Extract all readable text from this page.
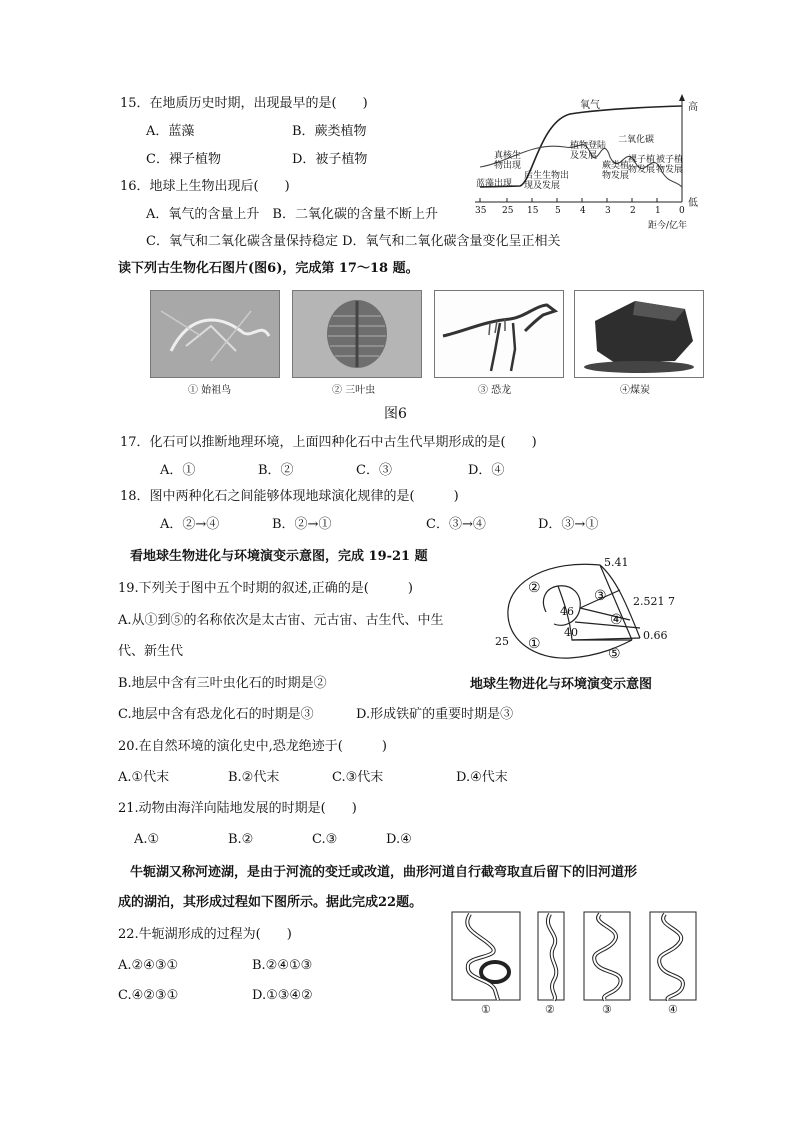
15．在地质历史时期，出现最早的是(　　)
A．蓝藻	B．蕨类植物
C．裸子植物	D．被子植物
16．地球上生物出现后(　　)
A．氧气的含量上升　B．二氧化碳的含量不断上升
C．氧气和二氧化碳含量保持稳定 D．氧气和二氧化碳含量变化呈正相关
氧气	高
低
二氧化碳
蓝藻出现
真核生
物出现
后生生物出
现及发展
植物登陆
及发展
蕨类植
物发展
裸子植
物发展
被子植
物发展
35 25 15 5 4 3 2 1 0
距今/亿年
读下列古生物化石图片(图6)，完成第 17～18 题。
① 始祖鸟	② 三叶虫	③ 恐龙	④煤炭
图6
17．化石可以推断地理环境，上面四种化石中古生代早期形成的是(　　)
A．①	B．②	C．③	D．④
18．图中两种化石之间能够体现地球演化规律的是(　　　)
A．②→④	B．②→①	C．③→④	D．③→①
看地球生物进化与环境演变示意图，完成 19-21 题
19.下列关于图中五个时期的叙述,正确的是(　　　)
A.从①到⑤的名称依次是太古宙、元古宙、古生代、中生
代、新生代
B.地层中含有三叶虫化石的时期是②
C.地层中含有恐龙化石的时期是③	D.形成铁矿的重要时期是③
5.41
2.521 7
0.66
46
40
25
②	③
④
⑤
①
地球生物进化与环境演变示意图
20.在自然环境的演化史中,恐龙绝迹于(　　　)
A.①代末	B.②代末	C.③代末	D.④代末
21.动物由海洋向陆地发展的时期是(　　)
A.①	B.②	C.③	D.④
牛轭湖又称河迹湖，是由于河流的变迁或改道，曲形河道自行截弯取直后留下的旧河道形
成的湖泊，其形成过程如下图所示。据此完成22题。
22.牛轭湖形成的过程为(　　)
A.②④③①	B.②④①③
C.④②③①	D.①③④②
①	②	③	④
